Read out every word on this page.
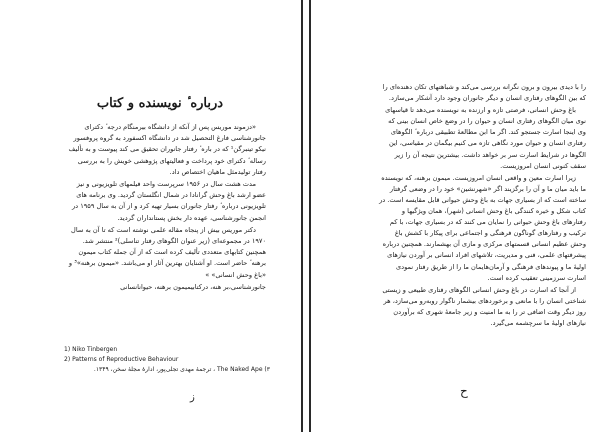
درباره ٔ نویسنده و کتاب

«دزموند موریس پس از آنکه از دانشگاه بیرمنگام درجه ٔ دکترای جانورشناسی فارغ التحصیل شد در دانشگاه اکسفورد به گروه پروفسور نیکو تینبرگن¹ که در باره ٔ رفتار جانوران تحقیق می کند پیوست و به تألیف رساله ٔ دکترای خود پرداخت و فعالیتهای پژوهشی خویش را به بررسی رفتار تولیدمثل ماهیان اختصاص داد.

مدت هشت سال در ۱۹۵۶ سرپرست واحد فیلمهای تلویزیونی و نیز عضو ارشد باغ وحش گرانادا در شمال انگلستان گردید. وی برنامه های تلویزیونی درباره ٔ رفتار جانوران بسیار تهیه کرد و از آن به سال ۱۹۵۹ در انجمن جانورشناسی، عهده دار بخش پستانداران گردید.

دکتر موریس بیش از پنجاه مقاله علمی نوشته است که تا آن به سال ۱۹۷۰ در مجموعه‌ای (زیر عنوان الگوهای رفتار تناسلی)² منتشر شد. همچنین کتابهای متعددی تألیف کرده است که از آن جمله کتاب میمون برهنه ٔ حاضر است. او آشنایان بهترین آثار او می‌باشد. «میمون برهنه»³ و «باغ وحش انسانی» »

جانورشناسی،بر هنه، درکتابیمیمون برهنه، حیوانانسانی

1) Niko Tinbergen
2) Patterns of Reproductive Behaviour
۳) The Naked Ape ، ترجمهٔ مهدی تجلی‌پور، ادارهٔ مجلهٔ سخن، ۱۳۴۹.
ز

را با دیدی بیرون و برون نگرانه بررسی می‌کند و شباهتهای تکان دهنده‌ای را که بین الگوهای رفتاری انسان و دیگر جانوران وجود دارد آشکار می‌سازد.

باغ وحش انسانی، فرصتی تازه و ارزنده به نویسنده می‌دهد تا قیاسهای نوی میان الگوهای رفتاری انسان و حیوان را در وضع خاص انسان بینی که وی اینجا اسارت جستجو کند. اگر ما ابن مطالعهٔ تطبیقی درباره ٔ الگوهای رفتاری انسان و حیوان مورد نگاهی تازه می کنیم بیگمان در مقیاسی، این الگوها در شرایط اسارت سر بر خواهد داشت. بیشترین نتیجه آن را زیر سقف کنونی انسان امروزیست.

زیرا اسارت معین و واقعی انسان امروزیست. میمون برهنه، که نویسنده ما باید میان ما و آن را برگزیند اگر «شهرنشین» خود را در وضعی گرفتار ساخته است که از بسیاری جهات به باغ وحش حیوانی قابل مقایسه است. در کتاب شکل و خیره کنندگی باغ وحش انسانی (شهر)، همان ویژگیها و رفتارهای باغ وحش حیوانی را نمایان می کنند که در بسیاری جهات، با کم ترکیب و رفتارهای گوناگون فرهنگی و اجتماعی برای پیکار با کشش باغ وحش عظیم انسانی قسمتهای مرکزی و مازی آن بهشمارند. همچنین درباره پیشرفتهای علمی، فنی و مدیریت، تلاشهای افراد انسانی بر آوردن نیازهای اولیهٔ ما و پیوندهای فرهنگی و آرمان‌هایمان ما را از طریق رفتار نمودی اسارت سرزمینی تعقیب کرده است.

از آنجا که اسارت در باغ وحش انسانی الگوهای رفتاری طبیعی و زیستی شناختی انسان را با مانعی و برخوردهای بیشمار ناگوار روبه‌رو می‌سازد، هر روز دیگر وقت اضافی تر را به ما امنیت و زیر جامعهٔ شهری که برآوردن نیازهای اولیهٔ ما سرچشمه می‌گیرد.

ح
